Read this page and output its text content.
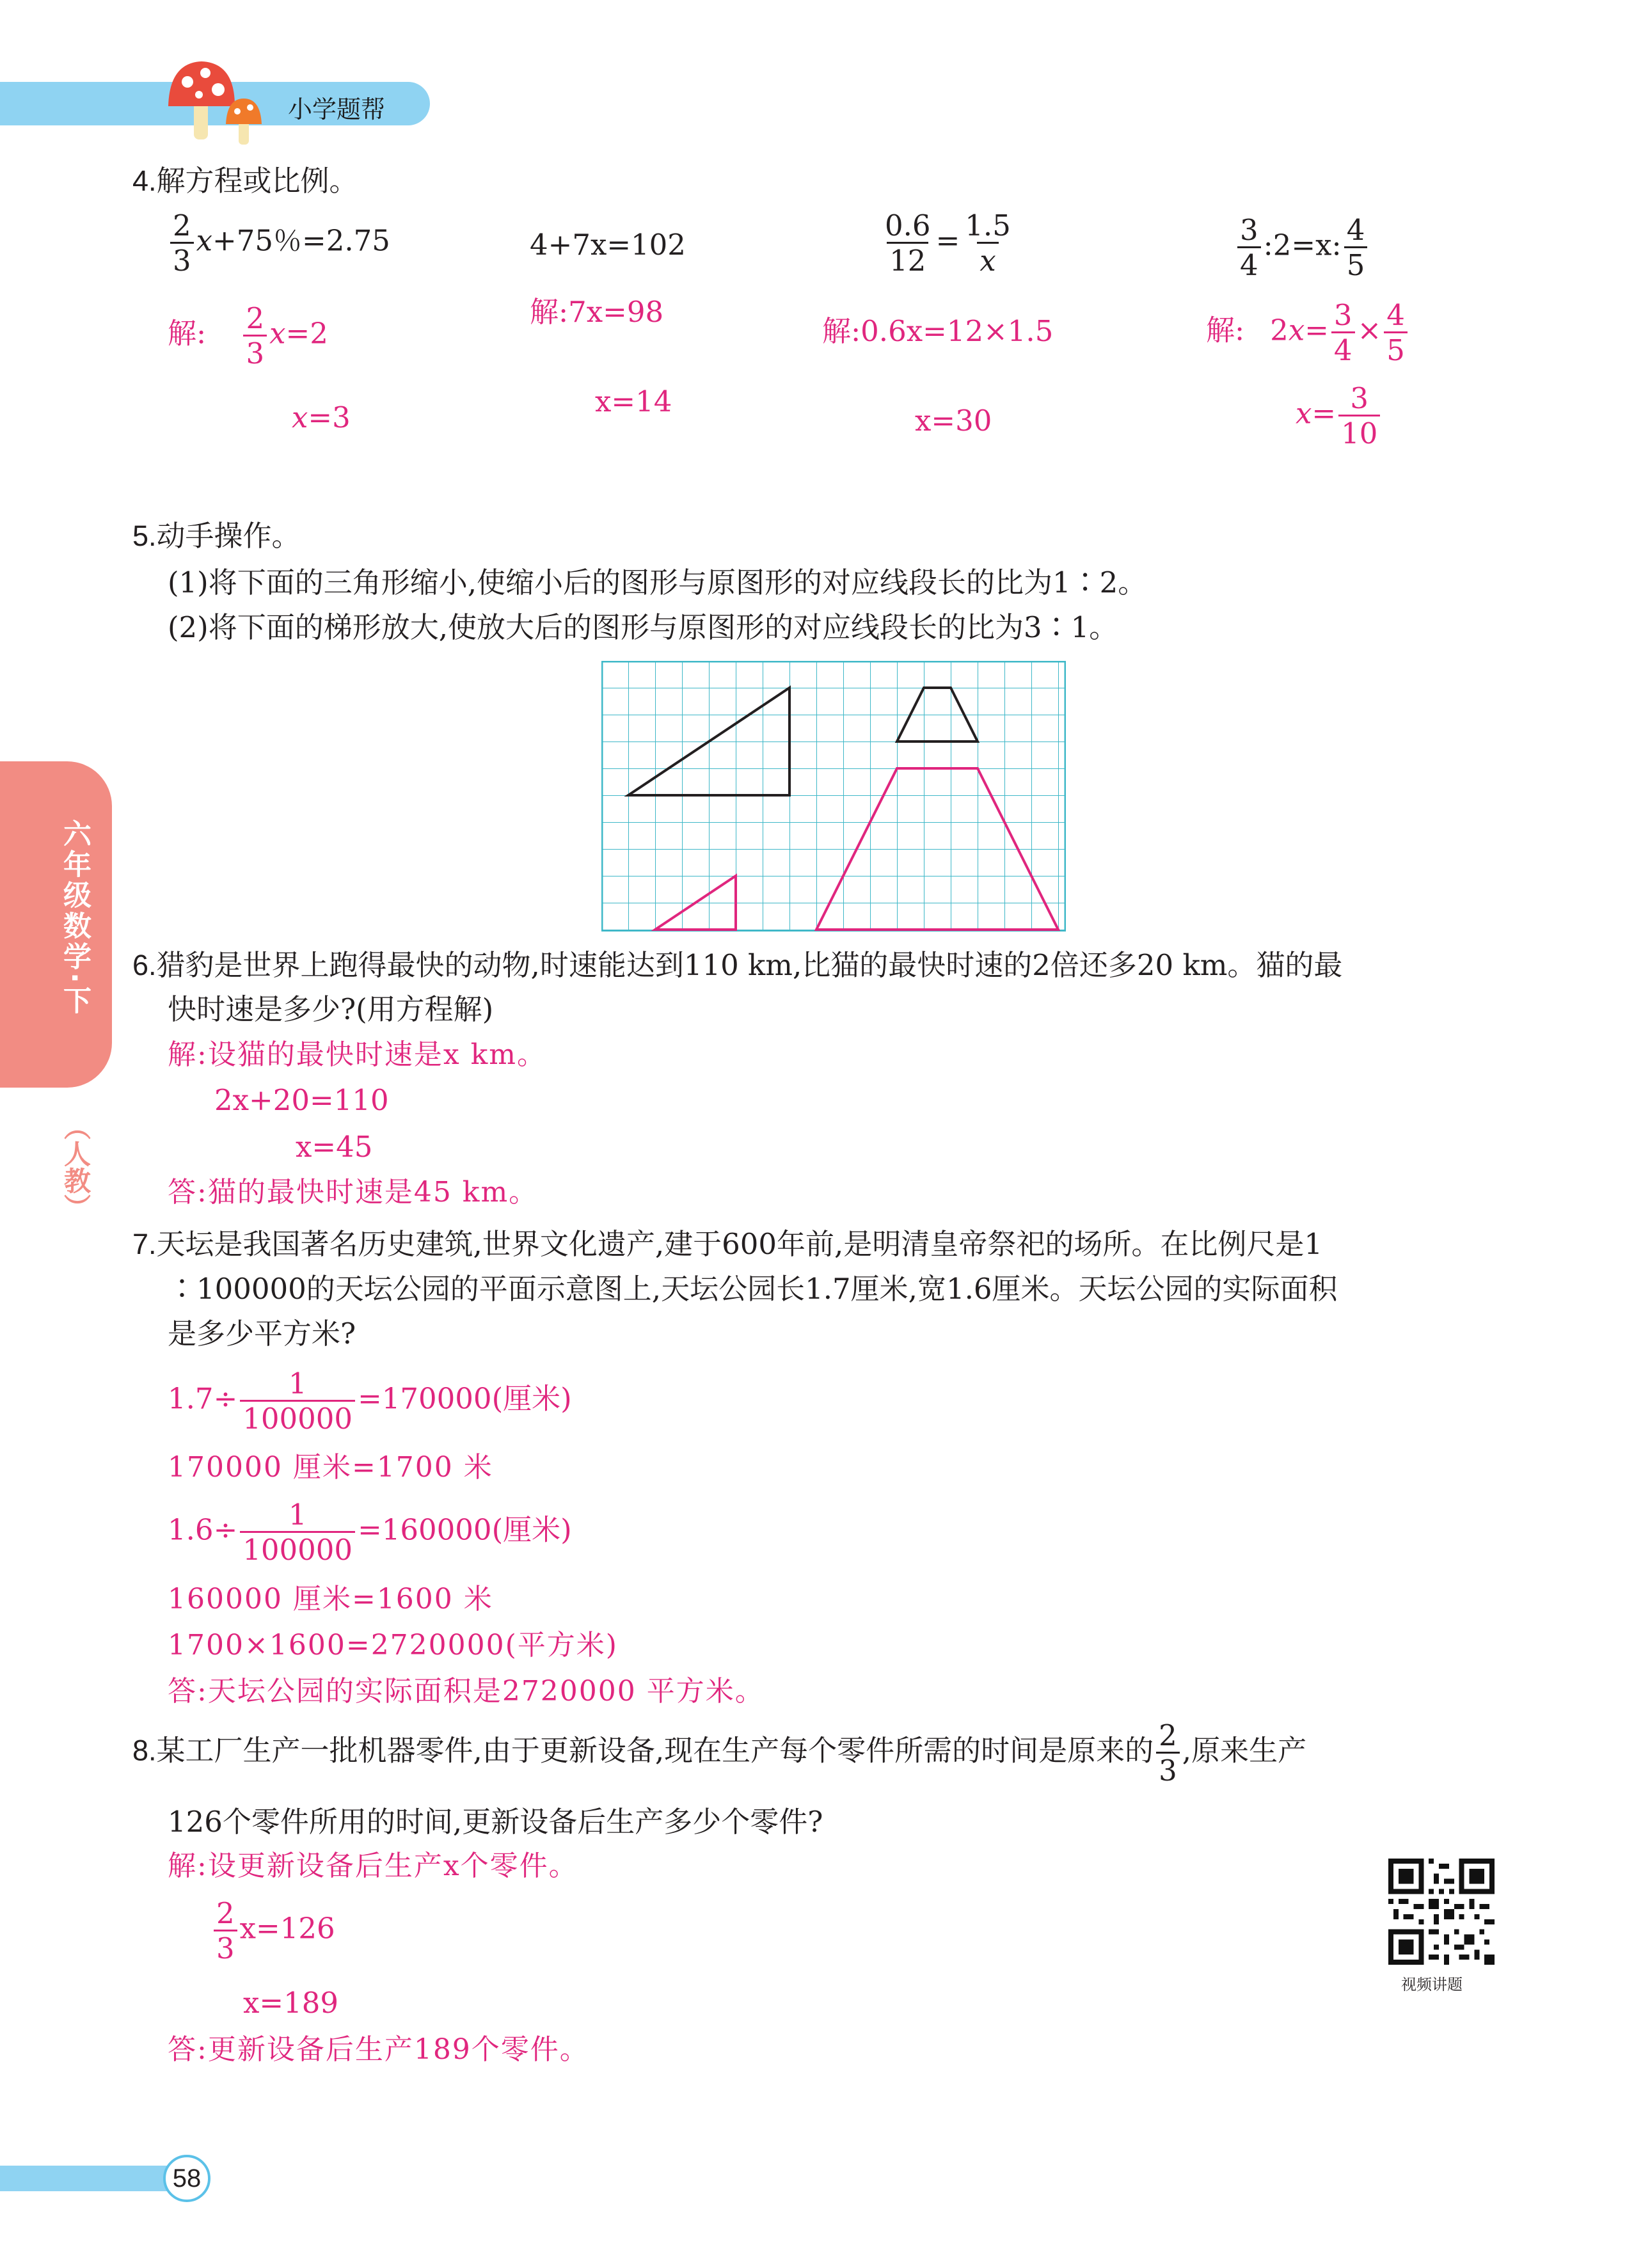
小学题帮
六年级数学·下
（人教）
4.解方程或比例。
$\frac{2}{3} x+75$％=2.75
解: $\frac{2}{3} x=2$
x=3
4+7x=102
解:7x=98
x=14
$\frac{0.6}{12} = \frac{1.5}{x}$
解:0.6x=12×1.5
x=30
$\frac{3}{4}$ :2=x: $\frac{4}{5}$
解: $2x= \frac{3}{4} \times \frac{4}{5}$
$x= \frac{3}{10}$
5.动手操作。
(1)将下面的三角形缩小,使缩小后的图形与原图形的对应线段长的比为1∶2。
(2)将下面的梯形放大,使放大后的图形与原图形的对应线段长的比为3∶1。
6.猎豹是世界上跑得最快的动物,时速能达到110 km,比猫的最快时速的2倍还多20 km。猫的最
快时速是多少?(用方程解)
解:设猫的最快时速是x km。
2x+20=110
x=45
答:猫的最快时速是45 km。
7.天坛是我国著名历史建筑,世界文化遗产,建于600年前,是明清皇帝祭祀的场所。在比例尺是1
∶100000的天坛公园的平面示意图上,天坛公园长1.7厘米,宽1.6厘米。天坛公园的实际面积
是多少平方米?
$1.7\div \frac{1}{100000} =170000$(厘米)
170000 厘米=1700 米
$1.6\div \frac{1}{100000} =160000$(厘米)
160000 厘米=1600 米
1700×1600=2720000(平方米)
答:天坛公园的实际面积是2720000 平方米。
8.某工厂生产一批机器零件,由于更新设备,现在生产每个零件所需的时间是原来的 $\frac{2}{3}$ ,原来生产
126个零件所用的时间,更新设备后生产多少个零件?
解:设更新设备后生产x个零件。
$\frac{2}{3} x=126$
x=189
答:更新设备后生产189个零件。
视频讲题
58
